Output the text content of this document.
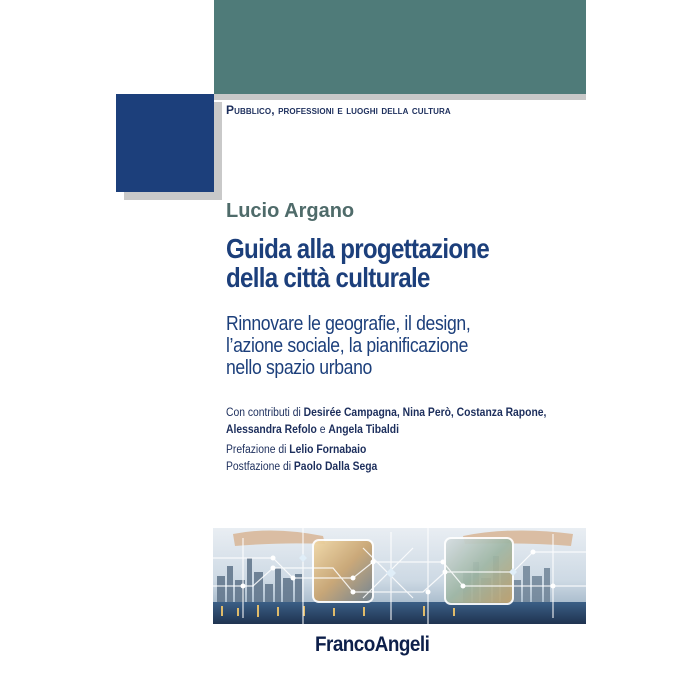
Pubblico, professioni e luoghi della cultura
Lucio Argano
Guida alla progettazione
della città culturale
Rinnovare le geografie, il design,
l’azione sociale, la pianificazione
nello spazio urbano
Con contributi di Desirée Campagna, Nina Però, Costanza Rapone,
Alessandra Refolo e Angela Tibaldi
Prefazione di Lelio Fornabaio
Postfazione di Paolo Dalla Sega
FrancoAngeli
